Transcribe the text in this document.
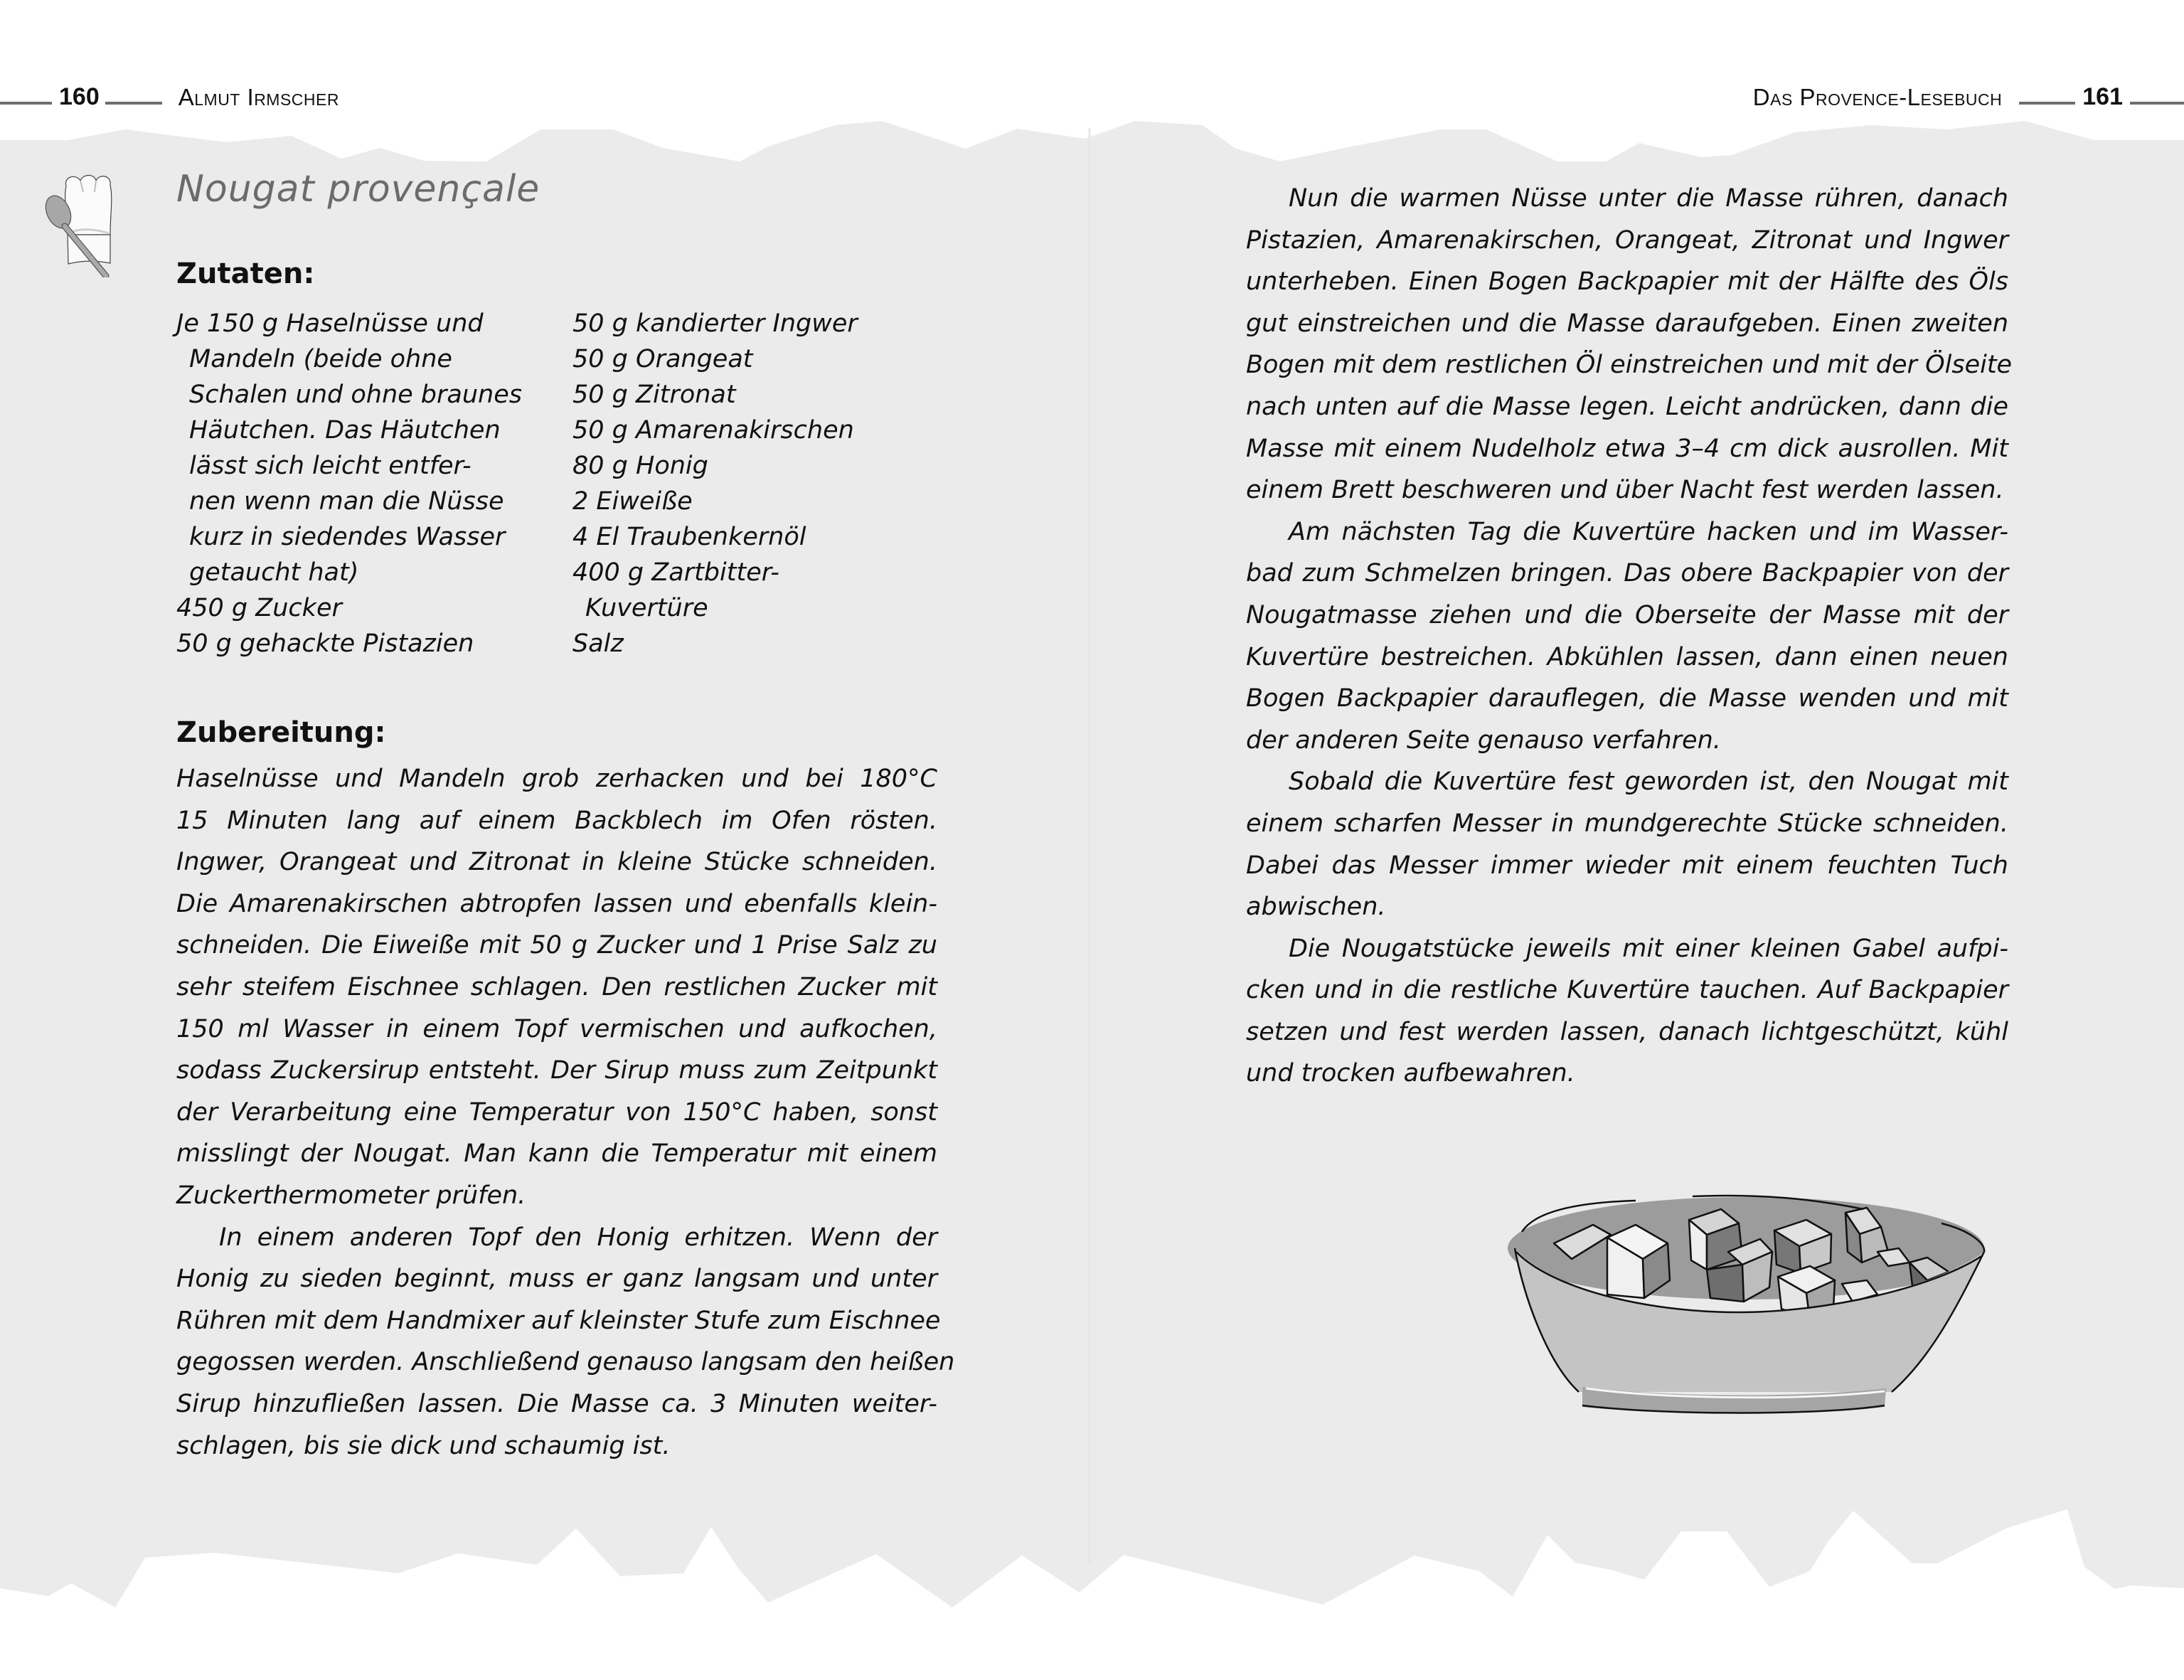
160	Almut Irmscher	Das Provence-Lesebuch	161
Nougat provençale
Zutaten:
Je 150 g Haselnüsse und
Mandeln (beide ohne
Schalen und ohne braunes
Häutchen. Das Häutchen
lässt sich leicht entfer-
nen wenn man die Nüsse
kurz in siedendes Wasser
getaucht hat)
450 g Zucker
50 g gehackte Pistazien
50 g kandierter Ingwer
50 g Orangeat
50 g Zitronat
50 g Amarenakirschen
80 g Honig
2 Eiweiße
4 El Traubenkernöl
400 g Zartbitter-
Kuvertüre
Salz
Zubereitung:

Haselnüsse und Mandeln grob zerhacken und bei 180°C
15 Minuten lang auf einem Backblech im Ofen rösten.
Ingwer, Orangeat und Zitronat in kleine Stücke schneiden.
Die Amarenakirschen abtropfen lassen und ebenfalls klein-
schneiden. Die Eiweiße mit 50 g Zucker und 1 Prise Salz zu
sehr steifem Eischnee schlagen. Den restlichen Zucker mit
150 ml Wasser in einem Topf vermischen und aufkochen,
sodass Zuckersirup entsteht. Der Sirup muss zum Zeitpunkt
der Verarbeitung eine Temperatur von 150°C haben, sonst
misslingt der Nougat. Man kann die Temperatur mit einem
Zuckerthermometer prüfen.

In einem anderen Topf den Honig erhitzen. Wenn der
Honig zu sieden beginnt, muss er ganz langsam und unter
Rühren mit dem Handmixer auf kleinster Stufe zum Eischnee
gegossen werden. Anschließend genauso langsam den heißen
Sirup hinzufließen lassen. Die Masse ca. 3 Minuten weiter-
schlagen, bis sie dick und schaumig ist.

Nun die warmen Nüsse unter die Masse rühren, danach
Pistazien, Amarenakirschen, Orangeat, Zitronat und Ingwer
unterheben. Einen Bogen Backpapier mit der Hälfte des Öls
gut einstreichen und die Masse daraufgeben. Einen zweiten
Bogen mit dem restlichen Öl einstreichen und mit der Ölseite
nach unten auf die Masse legen. Leicht andrücken, dann die
Masse mit einem Nudelholz etwa 3–4 cm dick ausrollen. Mit
einem Brett beschweren und über Nacht fest werden lassen.

Am nächsten Tag die Kuvertüre hacken und im Wasser-
bad zum Schmelzen bringen. Das obere Backpapier von der
Nougatmasse ziehen und die Oberseite der Masse mit der
Kuvertüre bestreichen. Abkühlen lassen, dann einen neuen
Bogen Backpapier darauflegen, die Masse wenden und mit
der anderen Seite genauso verfahren.

Sobald die Kuvertüre fest geworden ist, den Nougat mit
einem scharfen Messer in mundgerechte Stücke schneiden.
Dabei das Messer immer wieder mit einem feuchten Tuch
abwischen.

Die Nougatstücke jeweils mit einer kleinen Gabel aufpi-
cken und in die restliche Kuvertüre tauchen. Auf Backpapier
setzen und fest werden lassen, danach lichtgeschützt, kühl
und trocken aufbewahren.
